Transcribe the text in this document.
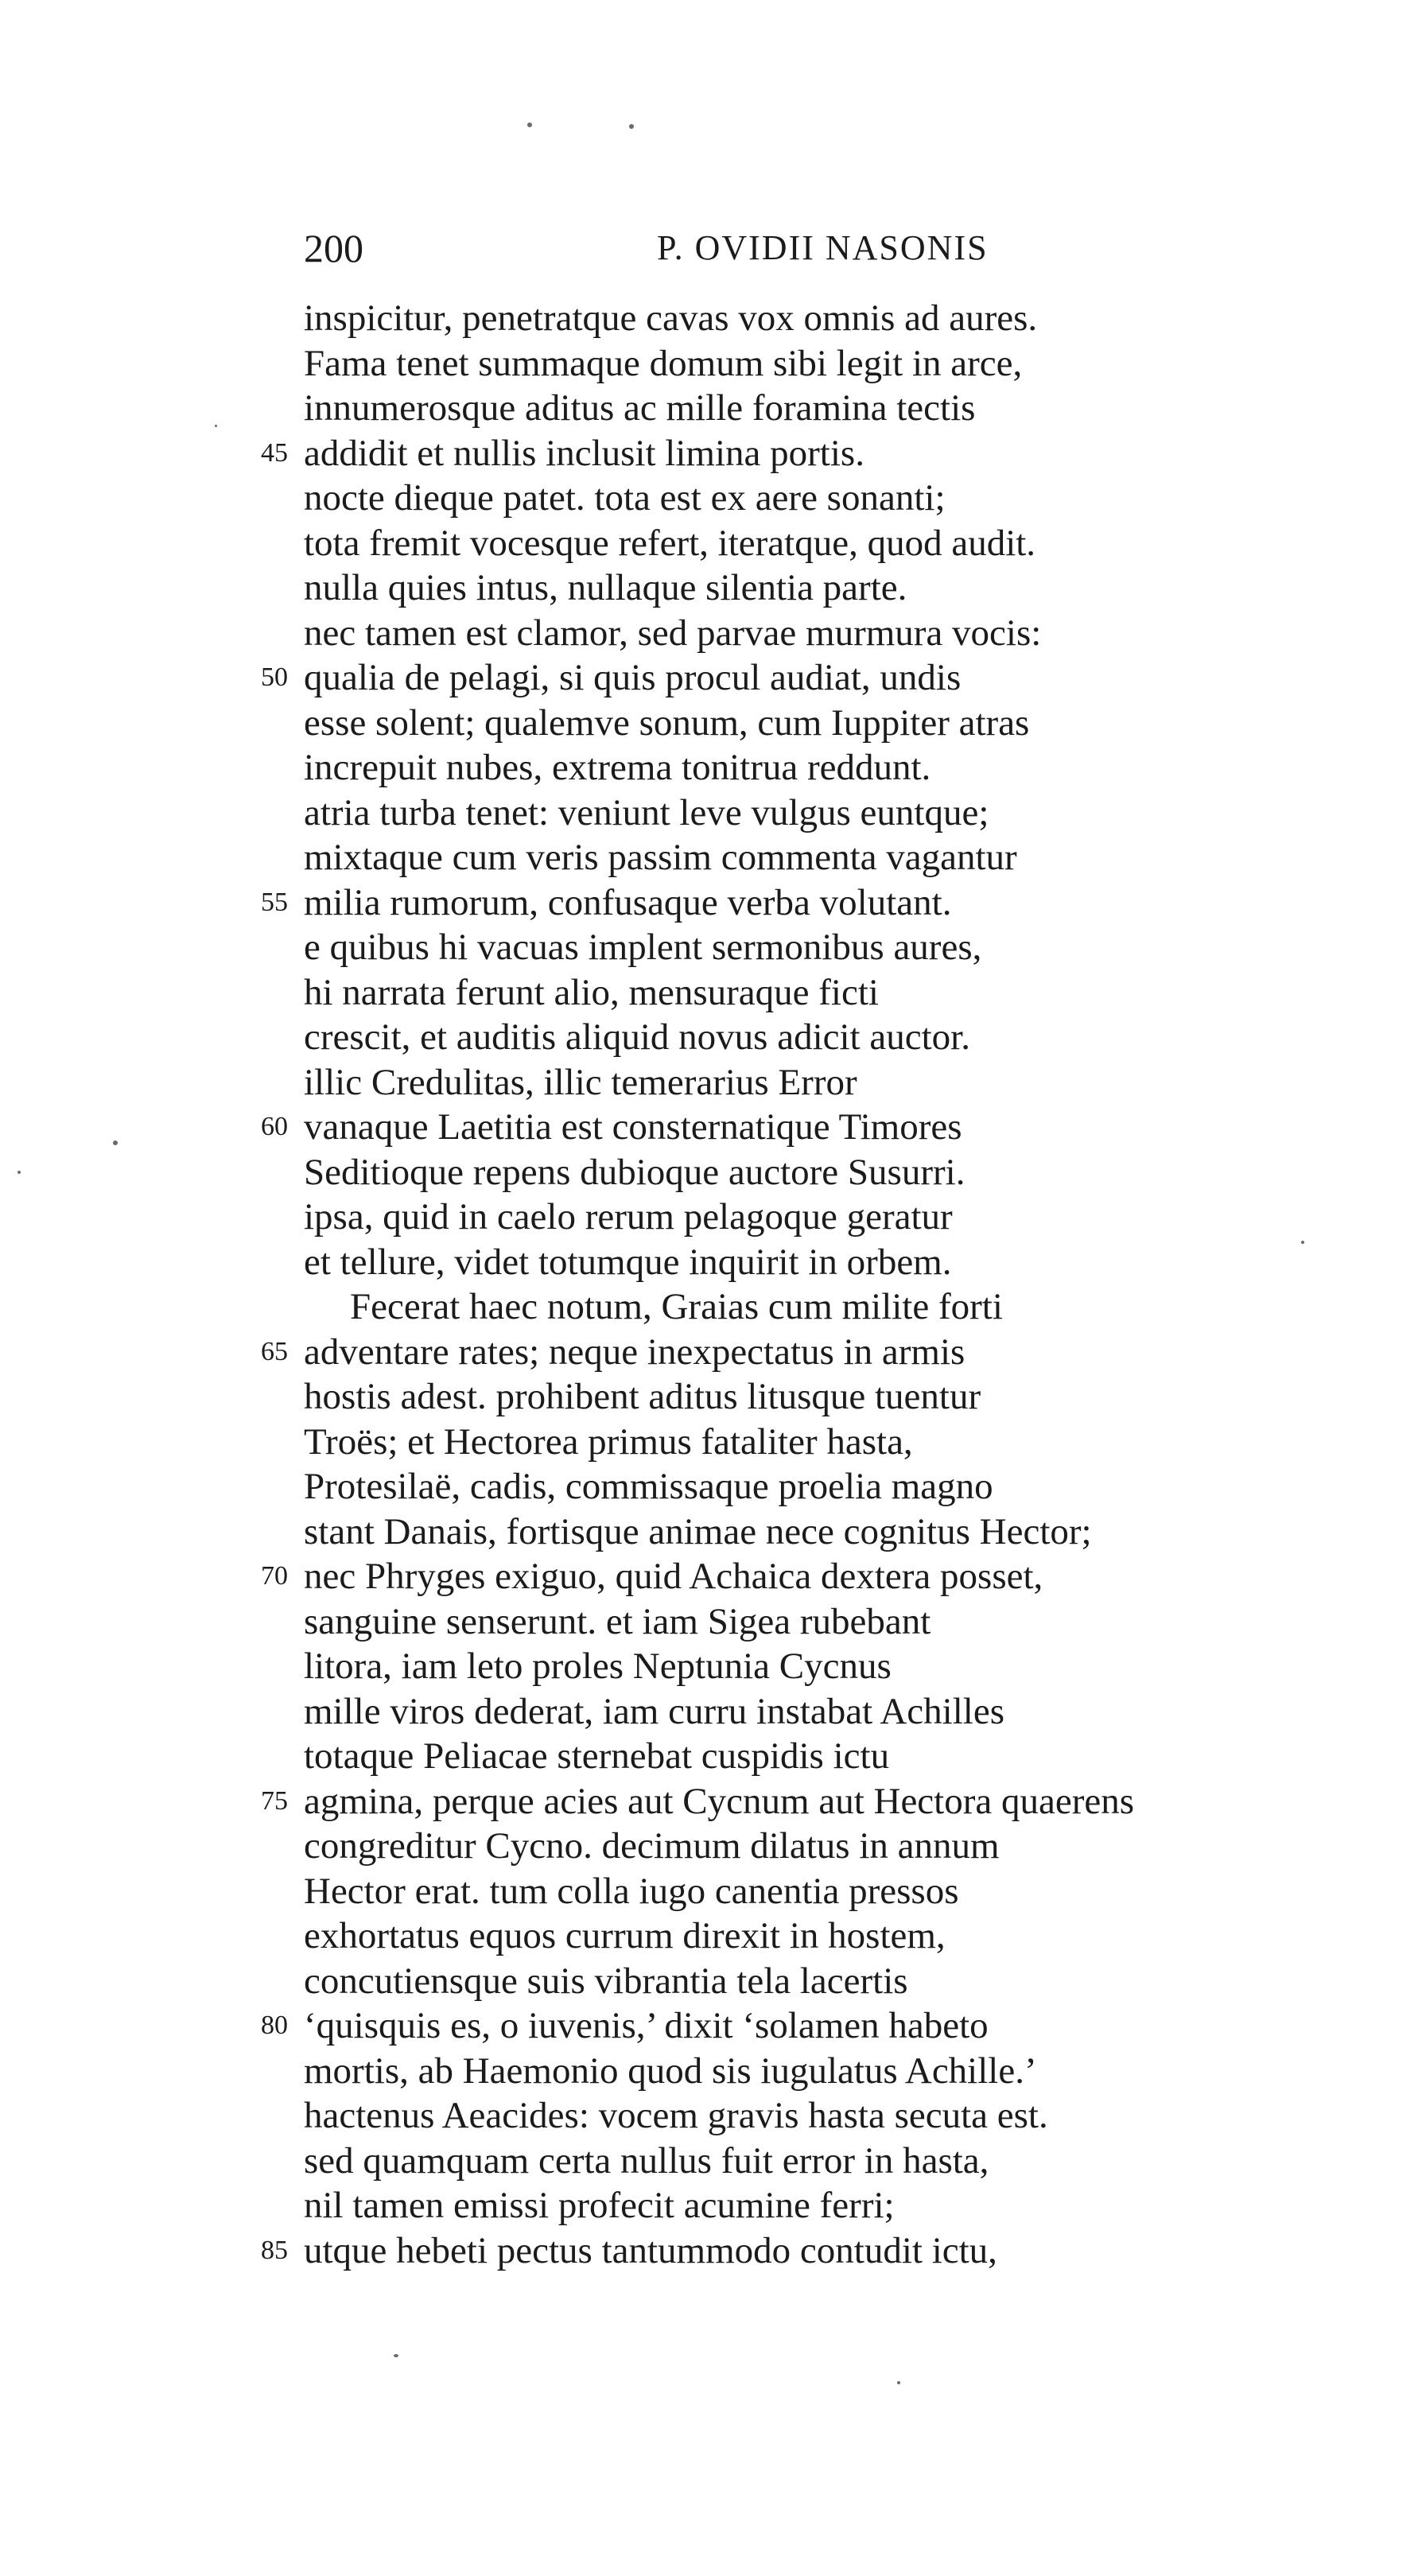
200	P. OVIDII NASONIS
inspicitur, penetratque cavas vox omnis ad aures.
Fama tenet summaque domum sibi legit in arce,
innumerosque aditus ac mille foramina tectis
45 addidit et nullis inclusit limina portis.
nocte dieque patet. tota est ex aere sonanti;
tota fremit vocesque refert, iteratque, quod audit.
nulla quies intus, nullaque silentia parte.
nec tamen est clamor, sed parvae murmura vocis:
50 qualia de pelagi, si quis procul audiat, undis
esse solent; qualemve sonum, cum Iuppiter atras
increpuit nubes, extrema tonitrua reddunt.
atria turba tenet: veniunt leve vulgus euntque;
mixtaque cum veris passim commenta vagantur
55 milia rumorum, confusaque verba volutant.
e quibus hi vacuas implent sermonibus aures,
hi narrata ferunt alio, mensuraque ficti
crescit, et auditis aliquid novus adicit auctor.
illic Credulitas, illic temerarius Error
60 vanaque Laetitia est consternatique Timores
Seditioque repens dubioque auctore Susurri.
ipsa, quid in caelo rerum pelagoque geratur
et tellure, videt totumque inquirit in orbem.
Fecerat haec notum, Graias cum milite forti
65 adventare rates; neque inexpectatus in armis
hostis adest. prohibent aditus litusque tuentur
Troës; et Hectorea primus fataliter hasta,
Protesilaë, cadis, commissaque proelia magno
stant Danais, fortisque animae nece cognitus Hector;
70 nec Phryges exiguo, quid Achaica dextera posset,
sanguine senserunt. et iam Sigea rubebant
litora, iam leto proles Neptunia Cycnus
mille viros dederat, iam curru instabat Achilles
totaque Peliacae sternebat cuspidis ictu
75 agmina, perque acies aut Cycnum aut Hectora quaerens
congreditur Cycno. decimum dilatus in annum
Hector erat. tum colla iugo canentia pressos
exhortatus equos currum direxit in hostem,
concutiensque suis vibrantia tela lacertis
80 ‘quisquis es, o iuvenis,’ dixit ‘solamen habeto
mortis, ab Haemonio quod sis iugulatus Achille.’
hactenus Aeacides: vocem gravis hasta secuta est.
sed quamquam certa nullus fuit error in hasta,
nil tamen emissi profecit acumine ferri;
85 utque hebeti pectus tantummodo contudit ictu,
